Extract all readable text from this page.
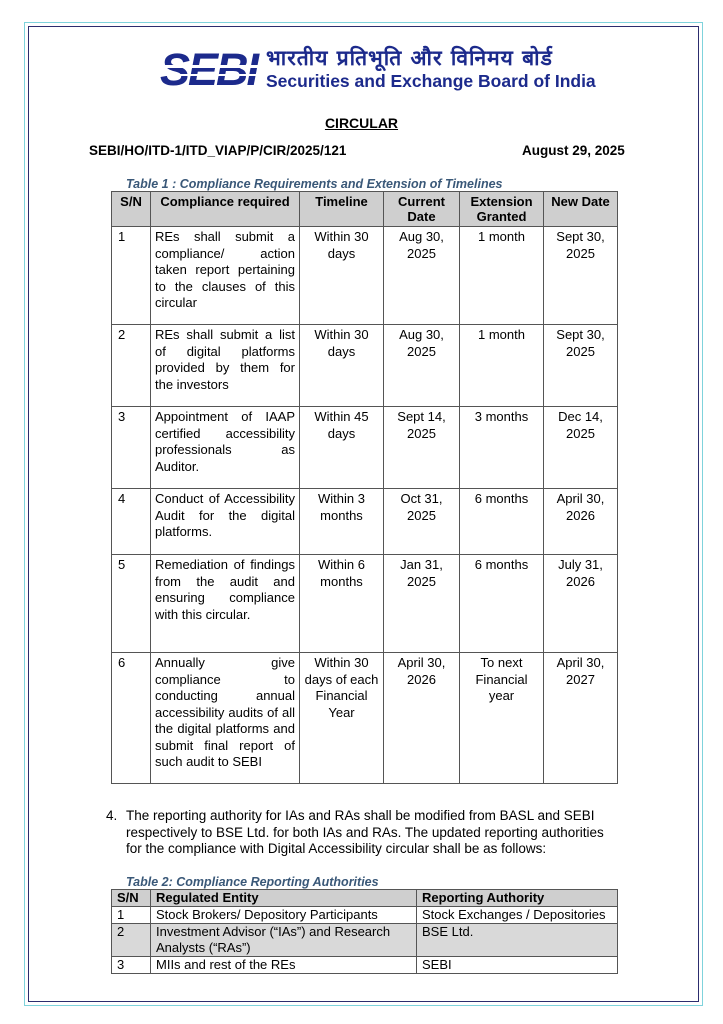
भारतीय प्रतिभूति और विनिमय बोर्ड
Securities and Exchange Board of India
CIRCULAR
SEBI/HO/ITD-1/ITD_VIAP/P/CIR/2025/121	August 29, 2025
Table 1 : Compliance Requirements and Extension of Timelines
S/N	Compliance required	Timeline	Current Date	Extension Granted	New Date
1	REs shall submit a compliance/ action taken report pertaining to the clauses of this circular	Within 30 days	Aug 30, 2025	1 month	Sept 30, 2025
2	REs shall submit a list of digital platforms provided by them for the investors	Within 30 days	Aug 30, 2025	1 month	Sept 30, 2025
3	Appointment of IAAP certified accessibility professionals as Auditor.	Within 45 days	Sept 14, 2025	3 months	Dec 14, 2025
4	Conduct of Accessibility Audit for the digital platforms.	Within 3 months	Oct 31, 2025	6 months	April 30, 2026
5	Remediation of findings from the audit and ensuring compliance with this circular.	Within 6 months	Jan 31, 2025	6 months	July 31, 2026
6	Annually give compliance to conducting annual accessibility audits of all the digital platforms and submit final report of such audit to SEBI	Within 30 days of each Financial Year	April 30, 2026	To next Financial year	April 30, 2027
4. The reporting authority for IAs and RAs shall be modified from BASL and SEBI respectively to BSE Ltd. for both IAs and RAs. The updated reporting authorities for the compliance with Digital Accessibility circular shall be as follows:
Table 2: Compliance Reporting Authorities
S/N	Regulated Entity	Reporting Authority
1	Stock Brokers/ Depository Participants	Stock Exchanges / Depositories
2	Investment Advisor (“IAs”) and Research Analysts (“RAs”)	BSE Ltd.
3	MIIs and rest of the REs	SEBI
